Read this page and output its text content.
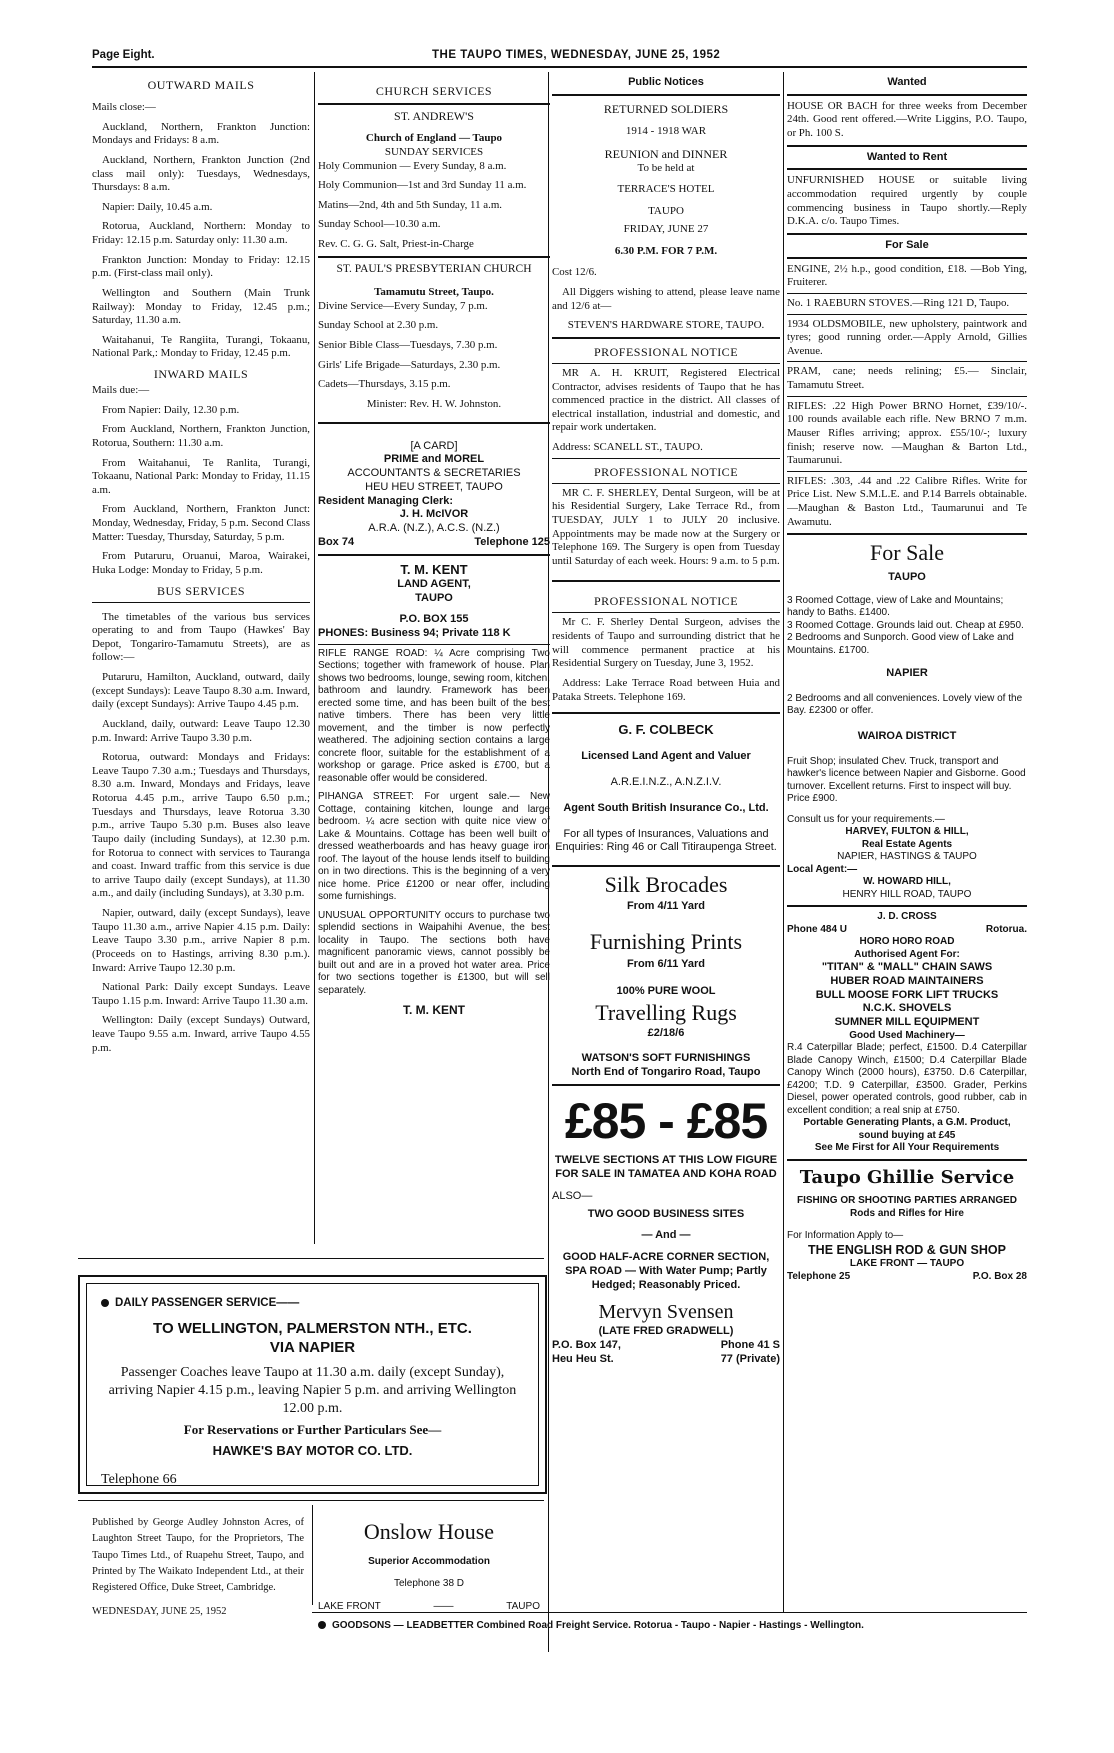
Page Eight.	THE TAUPO TIMES, WEDNESDAY, JUNE 25, 1952
OUTWARD MAILS
Mails close:—
Auckland, Northern, Frankton Junction: Mondays and Fridays: 8 a.m.
Auckland, Northern, Frankton Junction (2nd class mail only): Tuesdays, Wednesdays, Thursdays: 8 a.m.
Napier: Daily, 10.45 a.m.
Rotorua, Auckland, Northern: Monday to Friday: 12.15 p.m. Saturday only: 11.30 a.m.
Frankton Junction: Monday to Friday: 12.15 p.m. (First-class mail only).
Wellington and Southern (Main Trunk Railway): Monday to Friday, 12.45 p.m.; Saturday, 11.30 a.m.
Waitahanui, Te Rangiita, Turangi, Tokaanu, National Park,: Monday to Friday, 12.45 p.m.
INWARD MAILS
Mails due:—
From Napier: Daily, 12.30 p.m.
From Auckland, Northern, Frankton Junction, Rotorua, Southern: 11.30 a.m.
From Waitahanui, Te Ranlita, Turangi, Tokaanu, National Park: Monday to Friday, 11.15 a.m.
From Auckland, Northern, Frankton Junct: Monday, Wednesday, Friday, 5 p.m. Second Class Matter: Tuesday, Thursday, Saturday, 5 p.m.
From Putaruru, Oruanui, Maroa, Wairakei, Huka Lodge: Monday to Friday, 5 p.m.
BUS SERVICES
The timetables of the various bus services operating to and from Taupo (Hawkes' Bay Depot, Tongariro-Tamamutu Streets), are as follow:—
Putaruru, Hamilton, Auckland, outward, daily (except Sundays): Leave Taupo 8.30 a.m. Inward, daily (except Sundays): Arrive Taupo 4.45 p.m.
Auckland, daily, outward: Leave Taupo 12.30 p.m. Inward: Arrive Taupo 3.30 p.m.
Rotorua, outward: Mondays and Fridays: Leave Taupo 7.30 a.m.; Tuesdays and Thursdays, 8.30 a.m. Inward, Mondays and Fridays, leave Rotorua 4.45 p.m., arrive Taupo 6.50 p.m.; Tuesdays and Thursdays, leave Rotorua 3.30 p.m., arrive Taupo 5.30 p.m. Buses also leave Taupo daily (including Sundays), at 12.30 p.m. for Rotorua to connect with services to Tauranga and coast. Inward traffic from this service is due to arrive Taupo daily (except Sundays), at 11.30 a.m., and daily (including Sundays), at 3.30 p.m.
Napier, outward, daily (except Sundays), leave Taupo 11.30 a.m., arrive Napier 4.15 p.m. Daily: Leave Taupo 3.30 p.m., arrive Napier 8 p.m. (Proceeds on to Hastings, arriving 8.30 p.m.). Inward: Arrive Taupo 12.30 p.m.
National Park: Daily except Sundays. Leave Taupo 1.15 p.m. Inward: Arrive Taupo 11.30 a.m.
Wellington: Daily (except Sundays) Outward, leave Taupo 9.55 a.m. Inward, arrive Taupo 4.55 p.m.
CHURCH SERVICES
ST. ANDREW'S
Church of England — Taupo
SUNDAY SERVICES
Holy Communion — Every Sunday, 8 a.m.
Holy Communion—1st and 3rd Sunday 11 a.m.
Matins—2nd, 4th and 5th Sunday, 11 a.m.
Sunday School—10.30 a.m.
Rev. C. G. G. Salt, Priest-in-Charge
ST. PAUL'S PRESBYTERIAN CHURCH
Tamamutu Street, Taupo.
Divine Service—Every Sunday, 7 p.m.
Sunday School at 2.30 p.m.
Senior Bible Class—Tuesdays, 7.30 p.m.
Girls' Life Brigade—Saturdays, 2.30 p.m.
Cadets—Thursdays, 3.15 p.m.
Minister: Rev. H. W. Johnston.
[A CARD]
PRIME and MOREL
ACCOUNTANTS & SECRETARIES
HEU HEU STREET, TAUPO
Resident Managing Clerk:
J. H. McIVOR
A.R.A. (N.Z.), A.C.S. (N.Z.)
Box 74	Telephone 125
T. M. KENT
LAND AGENT,
TAUPO
P.O. BOX 155
PHONES: Business 94; Private 118 K
RIFLE RANGE ROAD: ¼ Acre comprising Two Sections; together with framework of house. Plan shows two bedrooms, lounge, sewing room, kitchen, bathroom and laundry. Framework has been erected some time, and has been built of the best native timbers. There has been very little movement, and the timber is now perfectly weathered. The adjoining section contains a large concrete floor, suitable for the establishment of a workshop or garage. Price asked is £700, but a reasonable offer would be considered.
PIHANGA STREET: For urgent sale.— New Cottage, containing kitchen, lounge and large bedroom. ¼ acre section with quite nice view of Lake & Mountains. Cottage has been well built of dressed weatherboards and has heavy guage iron roof. The layout of the house lends itself to building on in two directions. This is the beginning of a very nice home. Price £1200 or near offer, including some furnishings.
UNUSUAL OPPORTUNITY occurs to purchase two splendid sections in Waipahihi Avenue, the best locality in Taupo. The sections both have magnificent panoramic views, cannot possibly be built out and are in a proved hot water area. Price for two sections together is £1300, but will sell separately.
T. M. KENT
Public Notices
RETURNED SOLDIERS
1914 - 1918 WAR
REUNION and DINNER
To be held at
TERRACE'S HOTEL
TAUPO
FRIDAY, JUNE 27
6.30 P.M. FOR 7 P.M.
Cost 12/6.
All Diggers wishing to attend, please leave name and 12/6 at—
STEVEN'S HARDWARE STORE, TAUPO.
PROFESSIONAL NOTICE
MR A. H. KRUIT, Registered Electrical Contractor, advises residents of Taupo that he has commenced practice in the district. All classes of electrical installation, industrial and domestic, and repair work undertaken.
Address: SCANELL ST., TAUPO.
PROFESSIONAL NOTICE
MR C. F. SHERLEY, Dental Surgeon, will be at his Residential Surgery, Lake Terrace Rd., from TUESDAY, JULY 1 to JULY 20 inclusive. Appointments may be made now at the Surgery or Telephone 169. The Surgery is open from Tuesday until Saturday of each week. Hours: 9 a.m. to 5 p.m.
PROFESSIONAL NOTICE
Mr C. F. Sherley Dental Surgeon, advises the residents of Taupo and surrounding district that he will commence permanent practice at his Residential Surgery on Tuesday, June 3, 1952.
Address: Lake Terrace Road between Huia and Pataka Streets. Telephone 169.
G. F. COLBECK
Licensed Land Agent and Valuer
A.R.E.I.N.Z., A.N.Z.I.V.
Agent South British Insurance Co., Ltd.
For all types of Insurances, Valuations and Enquiries: Ring 46 or Call Titiraupenga Street.
Silk Brocades
From 4/11 Yard
Furnishing Prints
From 6/11 Yard
100% PURE WOOL
Travelling Rugs
£2/18/6
WATSON'S SOFT FURNISHINGS
North End of Tongariro Road, Taupo
£85 - £85
TWELVE SECTIONS AT THIS LOW FIGURE FOR SALE IN TAMATEA AND KOHA ROAD
ALSO—
TWO GOOD BUSINESS SITES
— And —
GOOD HALF-ACRE CORNER SECTION, SPA ROAD — With Water Pump; Partly Hedged; Reasonably Priced.
Mervyn Svensen
(LATE FRED GRADWELL)
P.O. Box 147,	Phone 41 S
Heu Heu St.	77 (Private)
Wanted
HOUSE OR BACH for three weeks from December 24th. Good rent offered.—Write Liggins, P.O. Taupo, or Ph. 100 S.
Wanted to Rent
UNFURNISHED HOUSE or suitable living accommodation required urgently by couple commencing business in Taupo shortly.—Reply D.K.A. c/o. Taupo Times.
For Sale
ENGINE, 2½ h.p., good condition, £18. —Bob Ying, Fruiterer.
No. 1 RAEBURN STOVES.—Ring 121 D, Taupo.
1934 OLDSMOBILE, new upholstery, paintwork and tyres; good running order.—Apply Arnold, Gillies Avenue.
PRAM, cane; needs relining; £5.— Sinclair, Tamamutu Street.
RIFLES: .22 High Power BRNO Hornet, £39/10/-. 100 rounds available each rifle. New BRNO 7 m.m. Mauser Rifles arriving; approx. £55/10/-; luxury finish; reserve now. —Maughan & Barton Ltd., Taumarunui.
RIFLES: .303, .44 and .22 Calibre Rifles. Write for Price List. New S.M.L.E. and P.14 Barrels obtainable.—Maughan & Baston Ltd., Taumarunui and Te Awamutu.
For Sale
TAUPO
3 Roomed Cottage, view of Lake and Mountains; handy to Baths. £1400.
3 Roomed Cottage. Grounds laid out. Cheap at £950.
2 Bedrooms and Sunporch. Good view of Lake and Mountains. £1700.
NAPIER
2 Bedrooms and all conveniences. Lovely view of the Bay. £2300 or offer.
WAIROA DISTRICT
Fruit Shop; insulated Chev. Truck, transport and hawker's licence between Napier and Gisborne. Good turnover. Excellent returns. First to inspect will buy. Price £900.
Consult us for your requirements.—
HARVEY, FULTON & HILL,
Real Estate Agents
NAPIER, HASTINGS & TAUPO
Local Agent:—
W. HOWARD HILL,
HENRY HILL ROAD, TAUPO
J. D. CROSS
Phone 484 U	Rotorua.
HORO HORO ROAD
Authorised Agent For:
"TITAN" & "MALL" CHAIN SAWS
HUBER ROAD MAINTAINERS
BULL MOOSE FORK LIFT TRUCKS
N.C.K. SHOVELS
SUMNER MILL EQUIPMENT
Good Used Machinery—
R.4 Caterpillar Blade; perfect, £1500. D.4 Caterpillar Blade Canopy Winch, £1500; D.4 Caterpillar Blade Canopy Winch (2000 hours), £3750. D.6 Caterpillar, £4200; T.D. 9 Caterpillar, £3500. Grader, Perkins Diesel, power operated controls, good rubber, cab in excellent condition; a real snip at £750.
Portable Generating Plants, a G.M. Product, sound buying at £45
See Me First for All Your Requirements
Taupo Ghillie Service
FISHING OR SHOOTING PARTIES ARRANGED
Rods and Rifles for Hire
For Information Apply to—
THE ENGLISH ROD & GUN SHOP
LAKE FRONT — TAUPO
Telephone 25	P.O. Box 28
DAILY PASSENGER SERVICE——
TO WELLINGTON, PALMERSTON NTH., ETC.
VIA NAPIER
Passenger Coaches leave Taupo at 11.30 a.m. daily (except Sunday), arriving Napier 4.15 p.m., leaving Napier 5 p.m. and arriving Wellington 12.00 p.m.
For Reservations or Further Particulars See—
HAWKE'S BAY MOTOR CO. LTD.
Telephone 66
Published by George Audley Johnston Acres, of Laughton Street Taupo, for the Proprietors, The Taupo Times Ltd., of Ruapehu Street, Taupo, and Printed by The Waikato Independent Ltd., at their Registered Office, Duke Street, Cambridge.
WEDNESDAY, JUNE 25, 1952
Onslow House
Superior Accommodation
Telephone 38 D
LAKE FRONT	——	TAUPO
GOODSONS — LEADBETTER Combined Road Freight Service. Rotorua - Taupo - Napier - Hastings - Wellington.
